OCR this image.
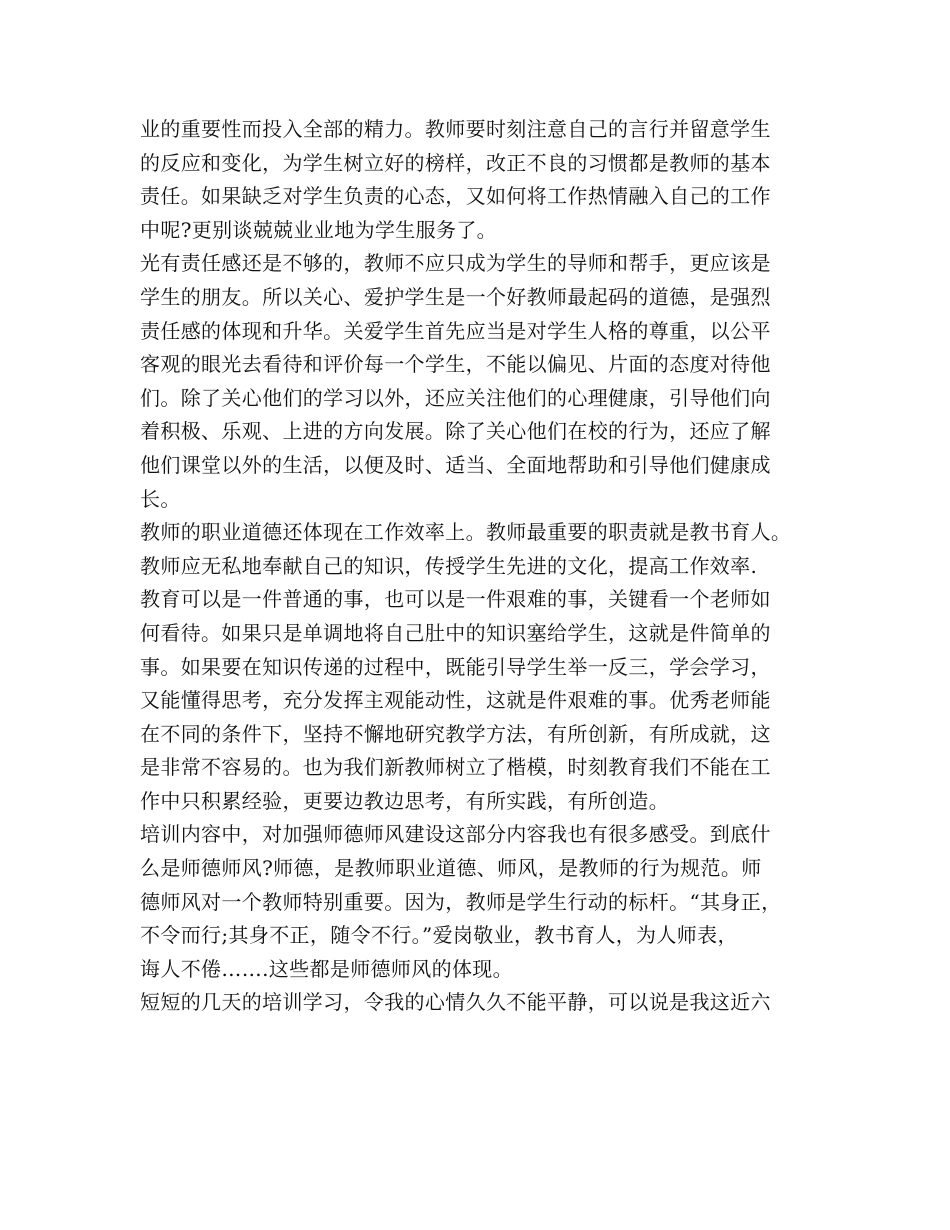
业的重要性而投入全部的精力。教师要时刻注意自己的言行并留意学生
的反应和变化，为学生树立好的榜样，改正不良的习惯都是教师的基本
责任。如果缺乏对学生负责的心态，又如何将工作热情融入自己的工作
中呢?更别谈兢兢业业地为学生服务了。
光有责任感还是不够的，教师不应只成为学生的导师和帮手，更应该是
学生的朋友。所以关心、爱护学生是一个好教师最起码的道德，是强烈
责任感的体现和升华。关爱学生首先应当是对学生人格的尊重，以公平
客观的眼光去看待和评价每一个学生，不能以偏见、片面的态度对待他
们。除了关心他们的学习以外，还应关注他们的心理健康，引导他们向
着积极、乐观、上进的方向发展。除了关心他们在校的行为，还应了解
他们课堂以外的生活，以便及时、适当、全面地帮助和引导他们健康成
长。
教师的职业道德还体现在工作效率上。教师最重要的职责就是教书育人。
教师应无私地奉献自己的知识，传授学生先进的文化，提高工作效率.
教育可以是一件普通的事，也可以是一件艰难的事，关键看一个老师如
何看待。如果只是单调地将自己肚中的知识塞给学生，这就是件简单的
事。如果要在知识传递的过程中，既能引导学生举一反三，学会学习，
又能懂得思考，充分发挥主观能动性，这就是件艰难的事。优秀老师能
在不同的条件下，坚持不懈地研究教学方法，有所创新，有所成就，这
是非常不容易的。也为我们新教师树立了楷模，时刻教育我们不能在工
作中只积累经验，更要边教边思考，有所实践，有所创造。
培训内容中，对加强师德师风建设这部分内容我也有很多感受。到底什
么是师德师风?师德，是教师职业道德、师风，是教师的行为规范。师
德师风对一个教师特别重要。因为，教师是学生行动的标杆。“其身正，
不令而行;其身不正，随令不行。”爱岗敬业，教书育人，为人师表，
诲人不倦…….这些都是师德师风的体现。
短短的几天的培训学习，令我的心情久久不能平静，可以说是我这近六
